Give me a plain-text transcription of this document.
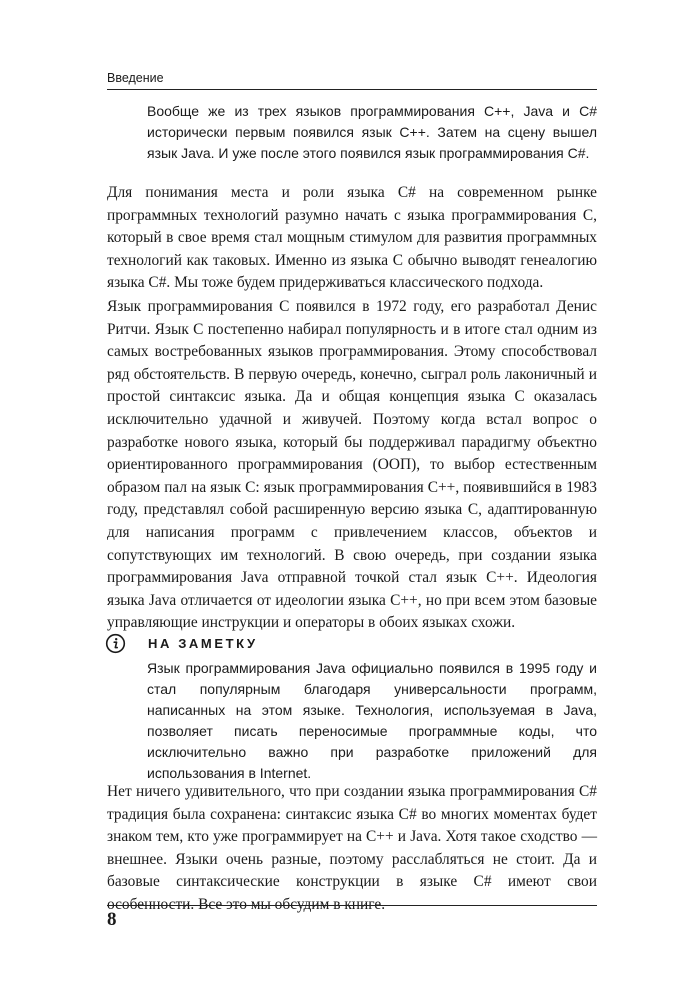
Введение
Вообще же из трех языков программирования C++, Java и C# исторически первым появился язык C++. Затем на сцену вышел язык Java. И уже после этого появился язык программирования C#.
Для понимания места и роли языка C# на современном рынке программных технологий разумно начать с языка программирования C, который в свое время стал мощным стимулом для развития программных технологий как таковых. Именно из языка C обычно выводят генеалогию языка C#. Мы тоже будем придерживаться классического подхода.
Язык программирования C появился в 1972 году, его разработал Денис Ритчи. Язык C постепенно набирал популярность и в итоге стал одним из самых востребованных языков программирования. Этому способствовал ряд обстоятельств. В первую очередь, конечно, сыграл роль лаконичный и простой синтаксис языка. Да и общая концепция языка C оказалась исключительно удачной и живучей. Поэтому когда встал вопрос о разработке нового языка, который бы поддерживал парадигму объектно ориентированного программирования (ООП), то выбор естественным образом пал на язык C: язык программирования C++, появившийся в 1983 году, представлял собой расширенную версию языка C, адаптированную для написания программ с привлечением классов, объектов и сопутствующих им технологий. В свою очередь, при создании языка программирования Java отправной точкой стал язык C++. Идеология языка Java отличается от идеологии языка C++, но при всем этом базовые управляющие инструкции и операторы в обоих языках схожи.
НА ЗАМЕТКУ
Язык программирования Java официально появился в 1995 году и стал популярным благодаря универсальности программ, написанных на этом языке. Технология, используемая в Java, позволяет писать переносимые программные коды, что исключительно важно при разработке приложений для использования в Internet.
Нет ничего удивительного, что при создании языка программирования C# традиция была сохранена: синтаксис языка C# во многих моментах будет знаком тем, кто уже программирует на C++ и Java. Хотя такое сходство — внешнее. Языки очень разные, поэтому расслабляться не стоит. Да и базовые синтаксические конструкции в языке C# имеют свои особенности. Все это мы обсудим в книге.
8
